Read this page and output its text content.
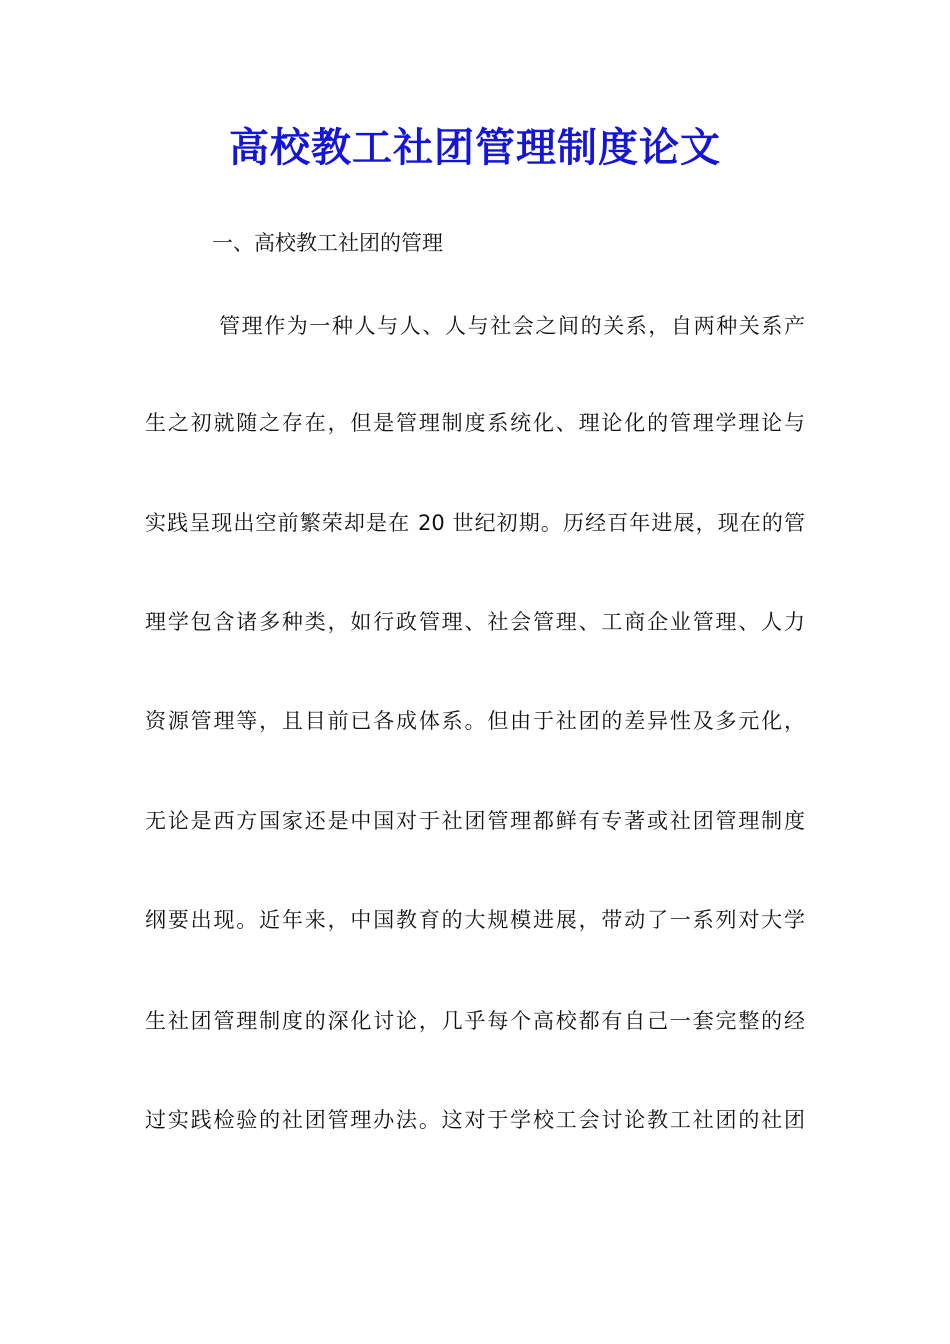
高校教工社团管理制度论文

一、高校教工社团的管理

管理作为一种人与人、人与社会之间的关系，自两种关系产

生之初就随之存在，但是管理制度系统化、理论化的管理学理论与

实践呈现出空前繁荣却是在 20 世纪初期。历经百年进展，现在的管

理学包含诸多种类，如行政管理、社会管理、工商企业管理、人力

资源管理等，且目前已各成体系。但由于社团的差异性及多元化，

无论是西方国家还是中国对于社团管理都鲜有专著或社团管理制度

纲要出现。近年来，中国教育的大规模进展，带动了一系列对大学

生社团管理制度的深化讨论，几乎每个高校都有自己一套完整的经

过实践检验的社团管理办法。这对于学校工会讨论教工社团的社团
